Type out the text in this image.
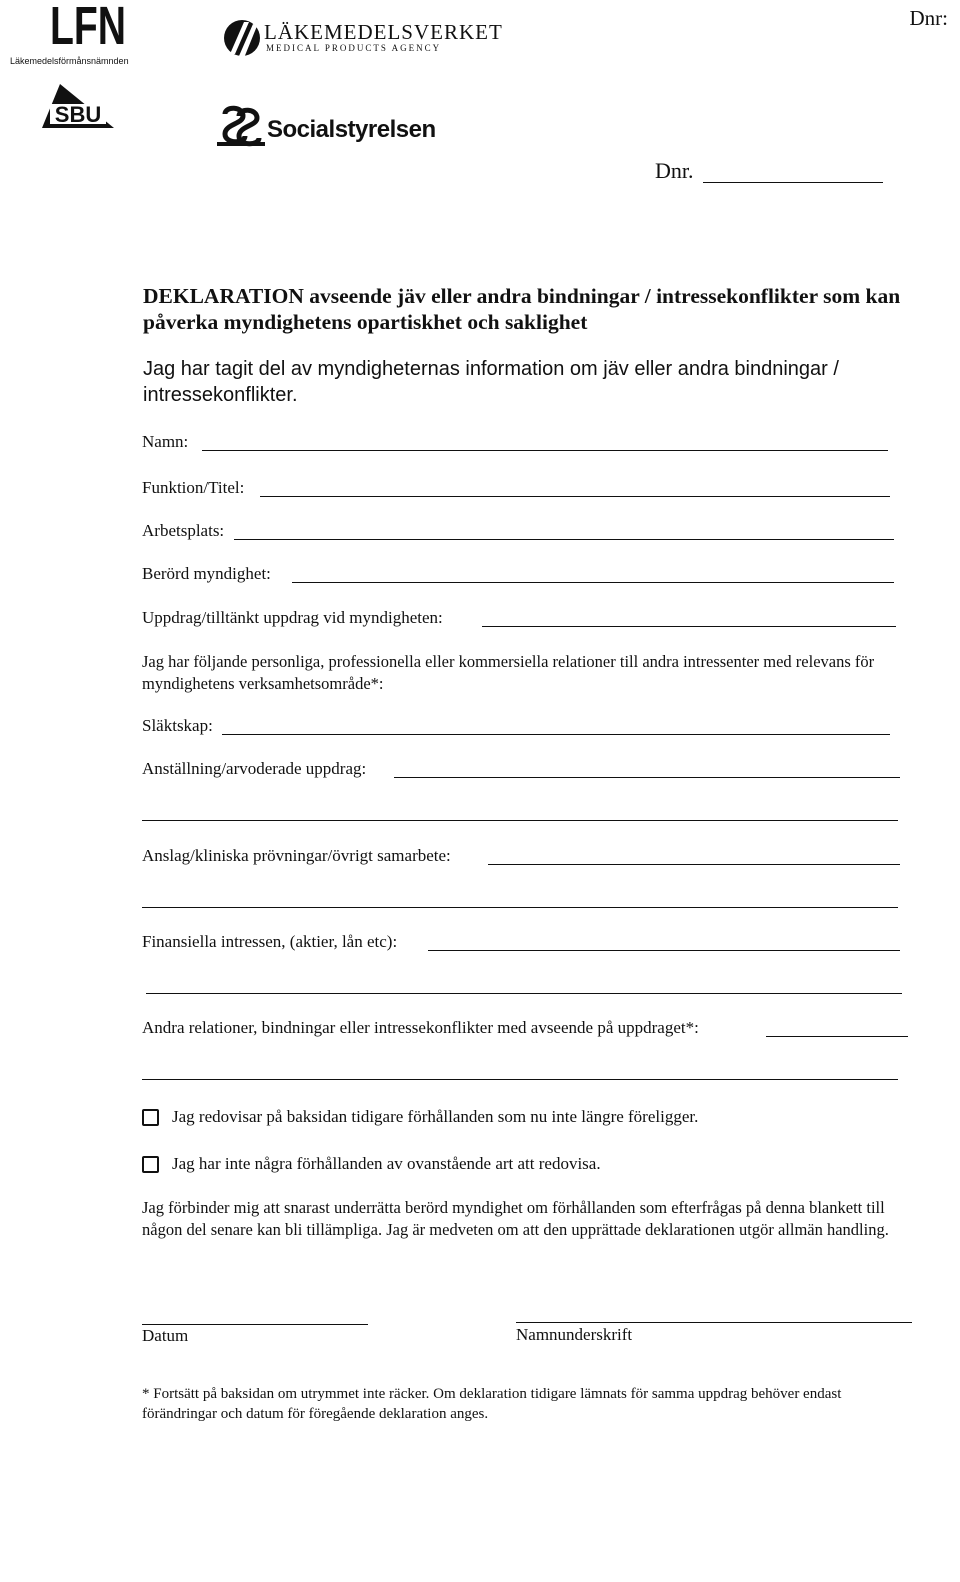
LFN
Läkemedelsförmånsnämnden
LÄKEMEDELSVERKET
MEDICAL PRODUCTS AGENCY
SBU
Socialstyrelsen
Dnr:
Dnr.
DEKLARATION avseende jäv eller andra bindningar / intressekonflikter som kan påverka myndighetens opartiskhet och saklighet
Jag har tagit del av myndigheternas information om jäv eller andra bindningar / intressekonflikter.
Namn:
Funktion/Titel:
Arbetsplats:
Berörd myndighet:
Uppdrag/tilltänkt uppdrag vid myndigheten:
Jag har följande personliga, professionella eller kommersiella relationer till andra intressenter med relevans för myndighetens verksamhetsområde*:
Släktskap:
Anställning/arvoderade uppdrag:
Anslag/kliniska prövningar/övrigt samarbete:
Finansiella intressen, (aktier, lån etc):
Andra relationer, bindningar eller intressekonflikter med avseende på uppdraget*:
Jag redovisar på baksidan tidigare förhållanden som nu inte längre föreligger.
Jag har inte några förhållanden av ovanstående art att redovisa.
Jag förbinder mig att snarast underrätta berörd myndighet om förhållanden som efterfrågas på denna blankett till någon del senare kan bli tillämpliga. Jag är medveten om att den upprättade deklarationen utgör allmän handling.
Datum	Namnunderskrift
* Fortsätt på baksidan om utrymmet inte räcker. Om deklaration tidigare lämnats för samma uppdrag behöver endast förändringar och datum för föregående deklaration anges.
